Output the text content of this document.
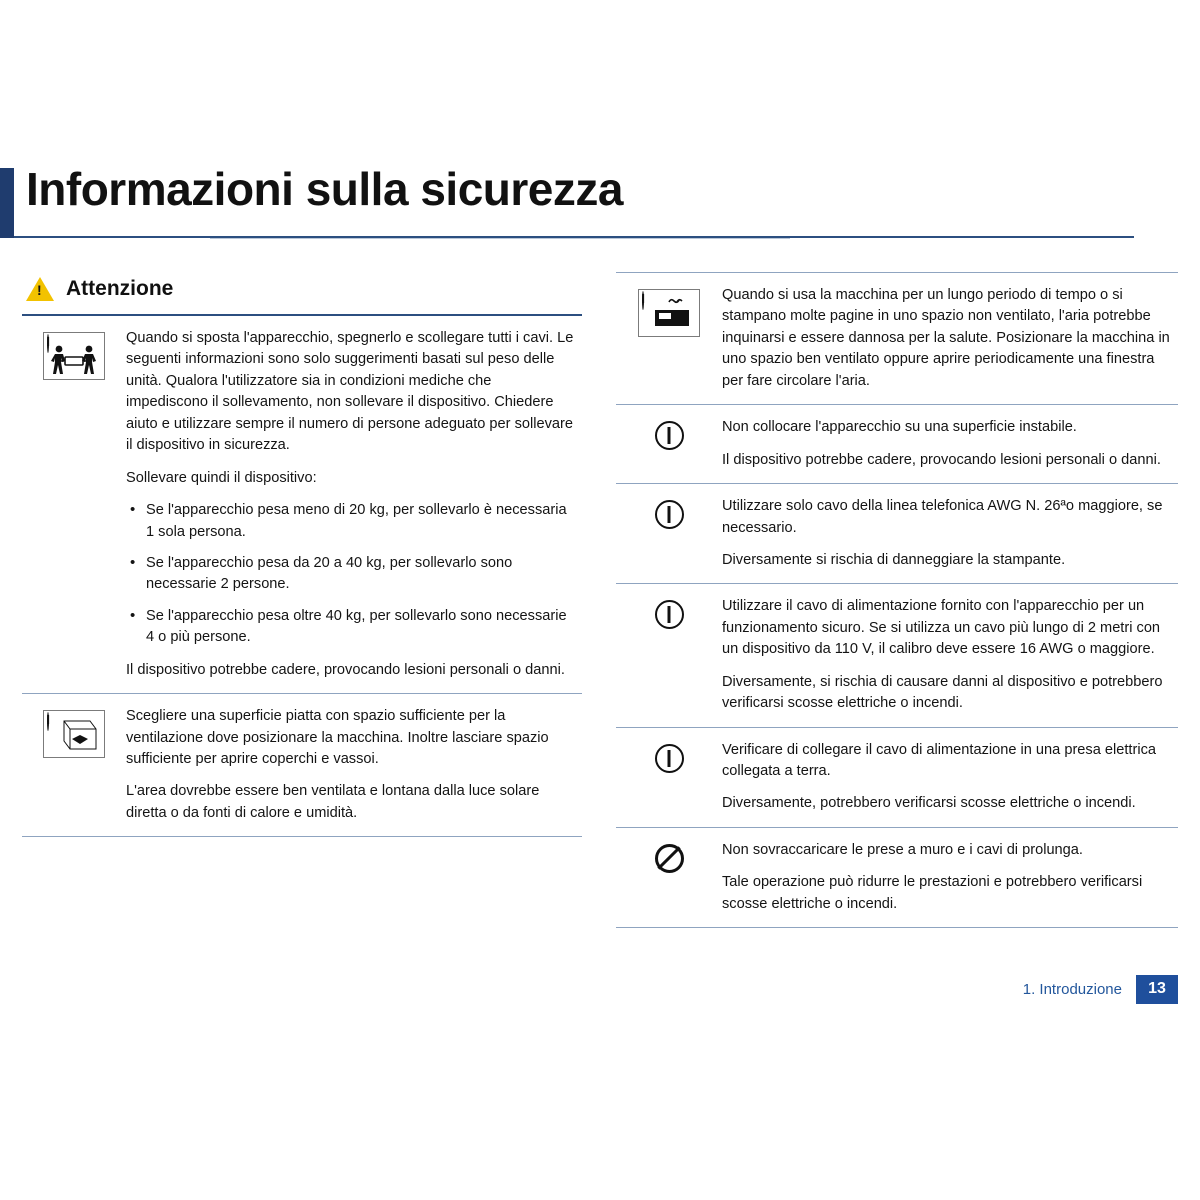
Informazioni sulla sicurezza
!
Attenzione

Quando si sposta l'apparecchio, spegnerlo e scollegare tutti i cavi. Le seguenti informazioni sono solo suggerimenti basati sul peso delle unità. Qualora l'utilizzatore sia in condizioni mediche che impediscono il sollevamento, non sollevare il dispositivo. Chiedere aiuto e utilizzare sempre il numero di persone adeguato per sollevare il dispositivo in sicurezza.

Sollevare quindi il dispositivo:

• Se l'apparecchio pesa meno di 20 kg, per sollevarlo è necessaria 1 sola persona.
• Se l'apparecchio pesa da 20 a 40 kg, per sollevarlo sono necessarie 2 persone.
• Se l'apparecchio pesa oltre 40 kg, per sollevarlo sono necessarie 4 o più persone.

Il dispositivo potrebbe cadere, provocando lesioni personali o danni.

Scegliere una superficie piatta con spazio sufficiente per la ventilazione dove posizionare la macchina. Inoltre lasciare spazio sufficiente per aprire coperchi e vassoi.

L'area dovrebbe essere ben ventilata e lontana dalla luce solare diretta o da fonti di calore e umidità.

Quando si usa la macchina per un lungo periodo di tempo o si stampano molte pagine in uno spazio non ventilato, l'aria potrebbe inquinarsi e essere dannosa per la salute. Posizionare la macchina in uno spazio ben ventilato oppure aprire periodicamente una finestra per fare circolare l'aria.

Non collocare l'apparecchio su una superficie instabile.

Il dispositivo potrebbe cadere, provocando lesioni personali o danni.

Utilizzare solo cavo della linea telefonica AWG N. 26ªo maggiore, se necessario.

Diversamente si rischia di danneggiare la stampante.

Utilizzare il cavo di alimentazione fornito con l'apparecchio per un funzionamento sicuro. Se si utilizza un cavo più lungo di 2 metri con un dispositivo da 110 V, il calibro deve essere 16 AWG o maggiore.

Diversamente, si rischia di causare danni al dispositivo e potrebbero verificarsi scosse elettriche o incendi.

Verificare di collegare il cavo di alimentazione in una presa elettrica collegata a terra.

Diversamente, potrebbero verificarsi scosse elettriche o incendi.

Non sovraccaricare le prese a muro e i cavi di prolunga.

Tale operazione può ridurre le prestazioni e potrebbero verificarsi scosse elettriche o incendi.

1. Introduzione	13
